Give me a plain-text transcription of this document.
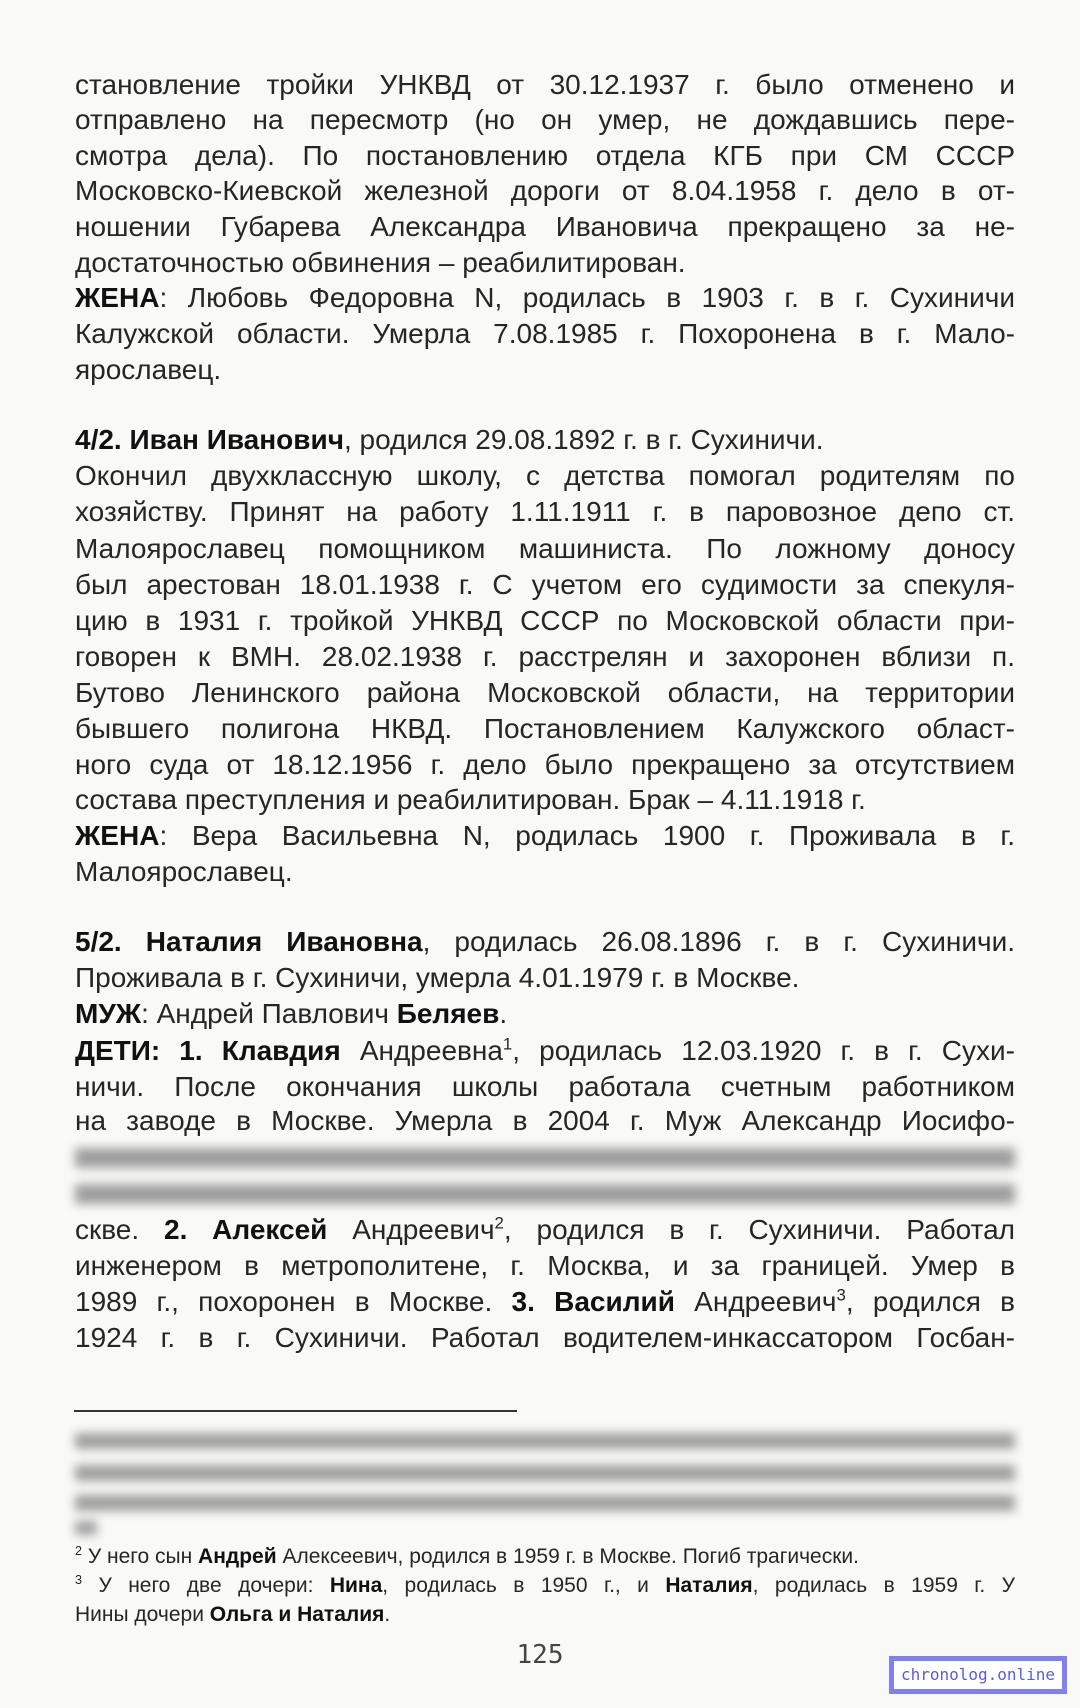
становление тройки УНКВД от 30.12.1937 г. было отменено и
отправлено на пересмотр (но он умер, не дождавшись пере-
смотра дела). По постановлению отдела КГБ при СМ СССР
Московско-Киевской железной дороги от 8.04.1958 г. дело в от-
ношении Губарева Александра Ивановича прекращено за не-
достаточностью обвинения – реабилитирован.
ЖЕНА: Любовь Федоровна N, родилась в 1903 г. в г. Сухиничи
Калужской области. Умерла 7.08.1985 г. Похоронена в г. Мало-
ярославец.
4/2. Иван Иванович, родился 29.08.1892 г. в г. Сухиничи.
Окончил двухклассную школу, с детства помогал родителям по
хозяйству. Принят на работу 1.11.1911 г. в паровозное депо ст.
Малоярославец помощником машиниста. По ложному доносу
был арестован 18.01.1938 г. С учетом его судимости за спекуля-
цию в 1931 г. тройкой УНКВД СССР по Московской области при-
говорен к ВМН. 28.02.1938 г. расстрелян и захоронен вблизи п.
Бутово Ленинского района Московской области, на территории
бывшего полигона НКВД. Постановлением Калужского област-
ного суда от 18.12.1956 г. дело было прекращено за отсутствием
состава преступления и реабилитирован. Брак – 4.11.1918 г.
ЖЕНА: Вера Васильевна N, родилась 1900 г. Проживала в г.
Малоярославец.
5/2. Наталия Ивановна, родилась 26.08.1896 г. в г. Сухиничи.
Проживала в г. Сухиничи, умерла 4.01.1979 г. в Москве.
МУЖ: Андрей Павлович Беляев.
ДЕТИ: 1. Клавдия Андреевна$^1$, родилась 12.03.1920 г. в г. Сухи-
ничи. После окончания школы работала счетным работником
на заводе в Москве. Умерла в 2004 г. Муж Александр Иосифо-
скве. 2. Алексей Андреевич$^2$, родился в г. Сухиничи. Работал
инженером в метрополитене, г. Москва, и за границей. Умер в
1989 г., похоронен в Москве. 3. Василий Андреевич$^3$, родился в
1924 г. в г. Сухиничи. Работал водителем-инкассатором Госбан-
$^2$ У него сын Андрей Алексеевич, родился в 1959 г. в Москве. Погиб трагически.
$^3$ У него две дочери: Нина, родилась в 1950 г., и Наталия, родилась в 1959 г. У
Нины дочери Ольга и Наталия.
125
chronolog.online
